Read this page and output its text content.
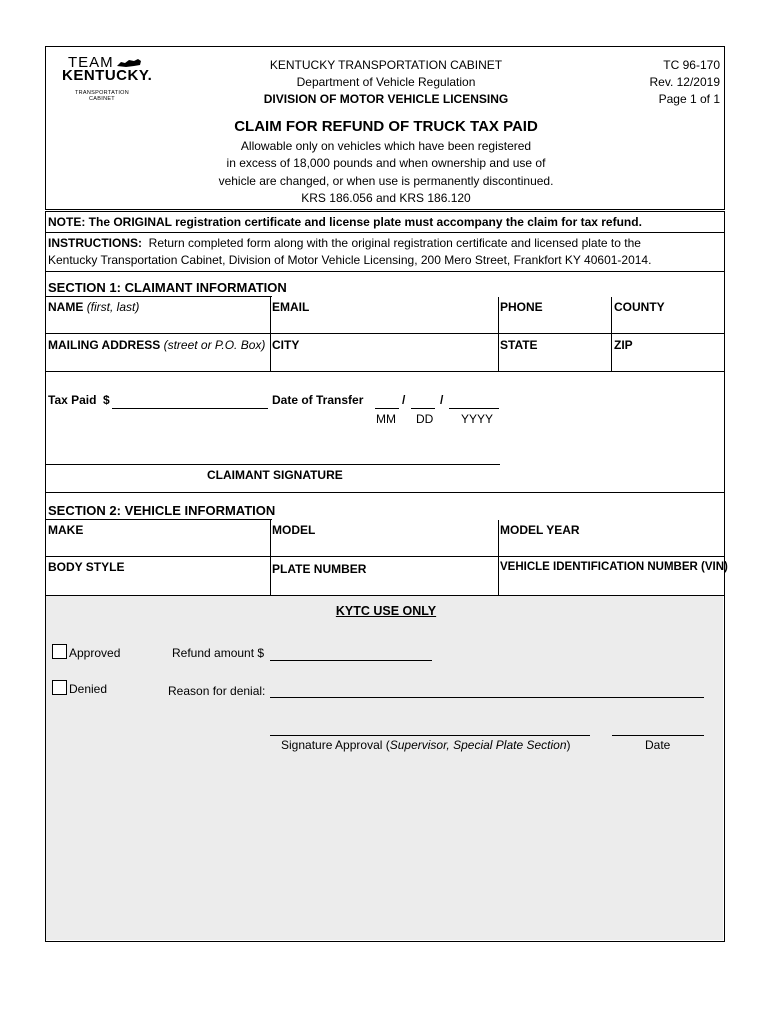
TEAM
KENTUCKY.
TRANSPORTATION
CABINET
KENTUCKY TRANSPORTATION CABINET
Department of Vehicle Regulation
DIVISION OF MOTOR VEHICLE LICENSING
TC 96-170
Rev. 12/2019
Page 1 of 1
CLAIM FOR REFUND OF TRUCK TAX PAID
Allowable only on vehicles which have been registered
in excess of 18,000 pounds and when ownership and use of
vehicle are changed, or when use is permanently discontinued.
KRS 186.056 and KRS 186.120
NOTE: The ORIGINAL registration certificate and license plate must accompany the claim for tax refund.
INSTRUCTIONS: Return completed form along with the original registration certificate and licensed plate to the
Kentucky Transportation Cabinet, Division of Motor Vehicle Licensing, 200 Mero Street, Frankfort KY 40601-2014.
SECTION 1: CLAIMANT INFORMATION
NAME (first, last)	EMAIL	PHONE	COUNTY
MAILING ADDRESS (street or P.O. Box) CITY	STATE	ZIP
Tax Paid $	Date of Transfer	/	/
MM DD YYYY
CLAIMANT SIGNATURE
SECTION 2: VEHICLE INFORMATION
MAKE	MODEL	MODEL YEAR
BODY STYLE	PLATE NUMBER	VEHICLE IDENTIFICATION NUMBER (VIN)
KYTC USE ONLY
Approved	Refund amount $
Denied	Reason for denial:
Signature Approval (Supervisor, Special Plate Section)	Date
